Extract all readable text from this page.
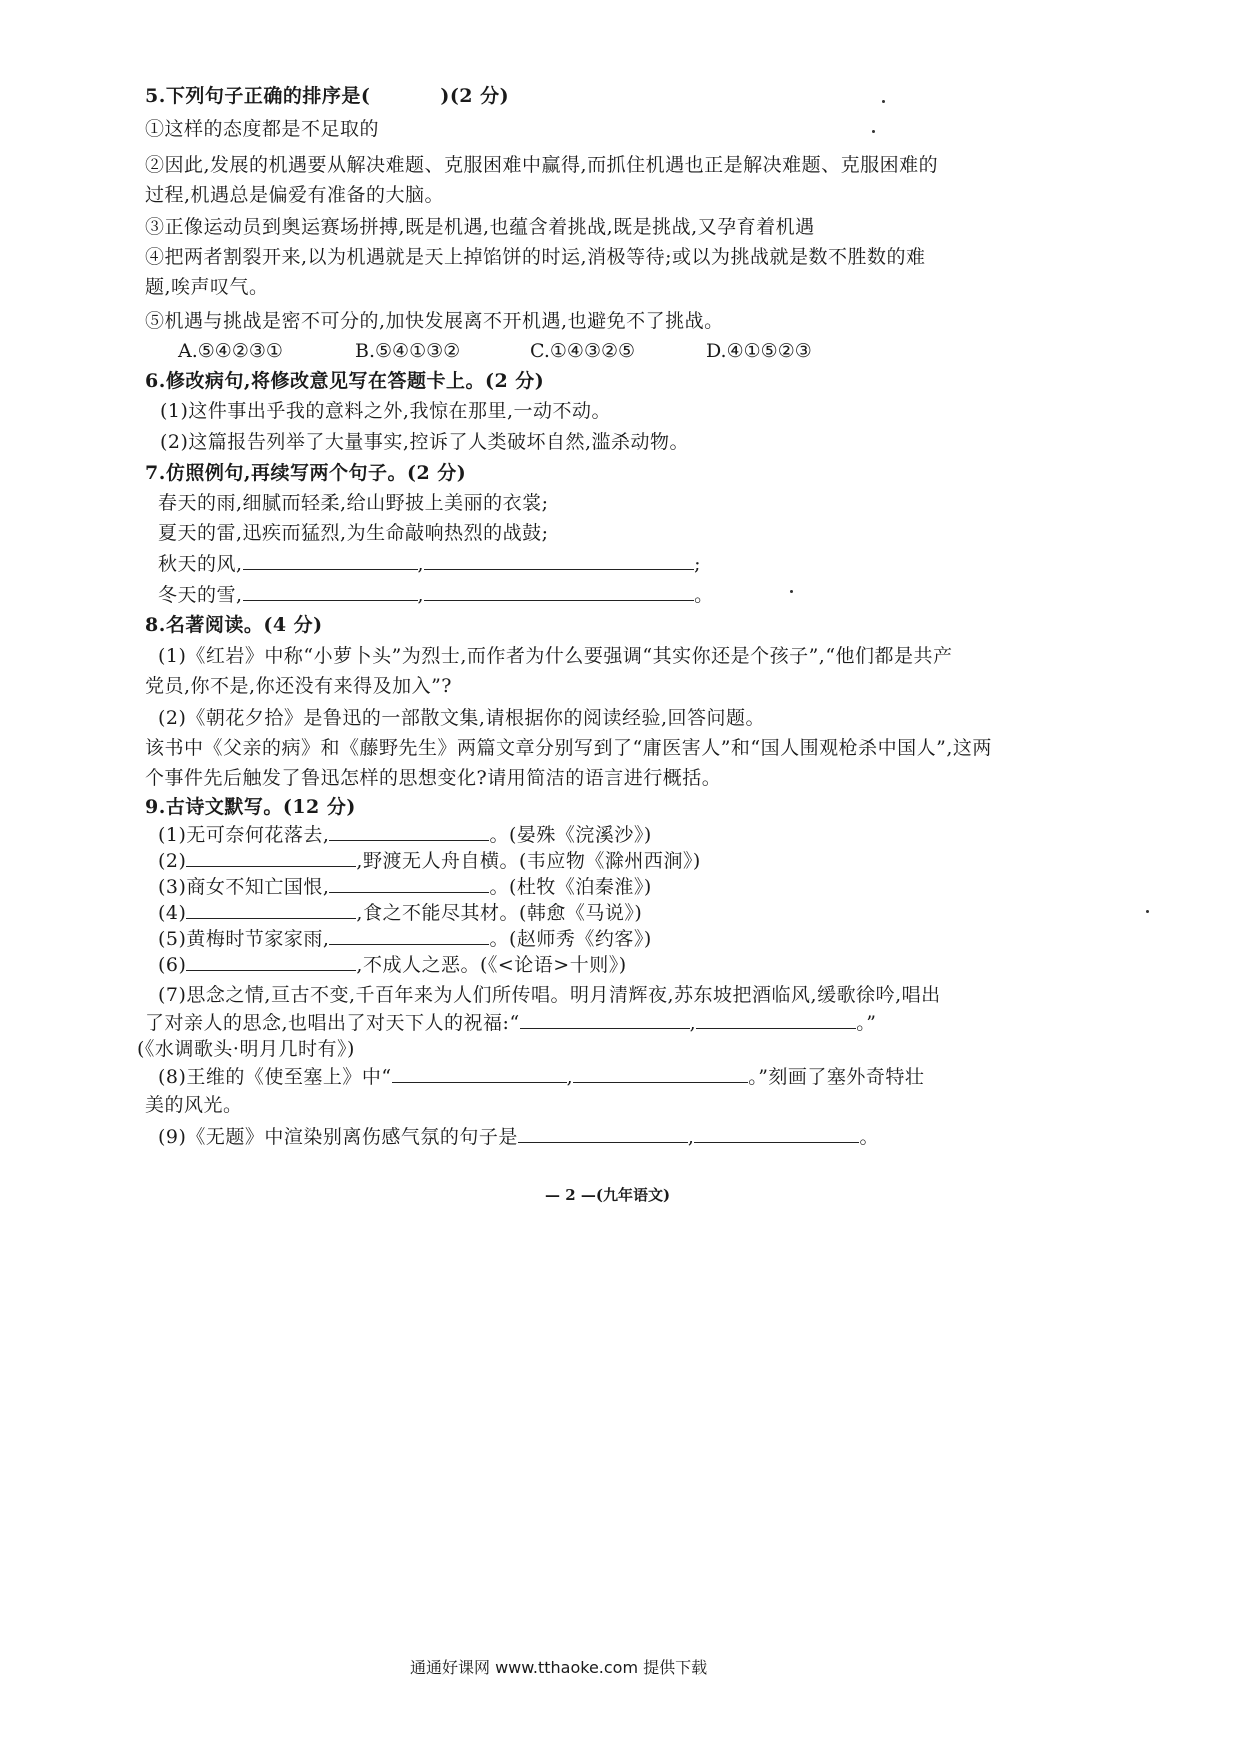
5.下列句子正确的排序是(	)(2 分)
①这样的态度都是不足取的
②因此,发展的机遇要从解决难题、克服困难中赢得,而抓住机遇也正是解决难题、克服困难的
过程,机遇总是偏爱有准备的大脑。
③正像运动员到奥运赛场拼搏,既是机遇,也蕴含着挑战,既是挑战,又孕育着机遇
④把两者割裂开来,以为机遇就是天上掉馅饼的时运,消极等待;或以为挑战就是数不胜数的难
题,唉声叹气。
⑤机遇与挑战是密不可分的,加快发展离不开机遇,也避免不了挑战。
A.⑤④②③①	B.⑤④①③②	C.①④③②⑤	D.④①⑤②③
6.修改病句,将修改意见写在答题卡上。(2 分)
(1)这件事出乎我的意料之外,我惊在那里,一动不动。
(2)这篇报告列举了大量事实,控诉了人类破坏自然,滥杀动物。
7.仿照例句,再续写两个句子。(2 分)
春天的雨,细腻而轻柔,给山野披上美丽的衣裳;
夏天的雷,迅疾而猛烈,为生命敲响热烈的战鼓;
秋天的风,	,	;
冬天的雪,	,	。
8.名著阅读。(4 分)
(1)《红岩》中称“小萝卜头”为烈士,而作者为什么要强调“其实你还是个孩子”,“他们都是共产
党员,你不是,你还没有来得及加入”?
(2)《朝花夕拾》是鲁迅的一部散文集,请根据你的阅读经验,回答问题。
该书中《父亲的病》和《藤野先生》两篇文章分别写到了“庸医害人”和“国人围观枪杀中国人”,这两
个事件先后触发了鲁迅怎样的思想变化?请用简洁的语言进行概括。
9.古诗文默写。(12 分)
(1)无可奈何花落去,	。(晏殊《浣溪沙》)
(2)	,野渡无人舟自横。(韦应物《滁州西涧》)
(3)商女不知亡国恨,	。(杜牧《泊秦淮》)
(4)	,食之不能尽其材。(韩愈《马说》)
(5)黄梅时节家家雨,	。(赵师秀《约客》)
(6)	,不成人之恶。(《<论语>十则》)
(7)思念之情,亘古不变,千百年来为人们所传唱。明月清辉夜,苏东坡把酒临风,缓歌徐吟,唱出
了对亲人的思念,也唱出了对天下人的祝福:“	,	。”
(《水调歌头·明月几时有》)
(8)王维的《使至塞上》中“	,	。”刻画了塞外奇特壮
美的风光。
(9)《无题》中渲染别离伤感气氛的句子是	,	。
— 2 —(九年语文)
通通好课网 www.tthaoke.com 提供下载
